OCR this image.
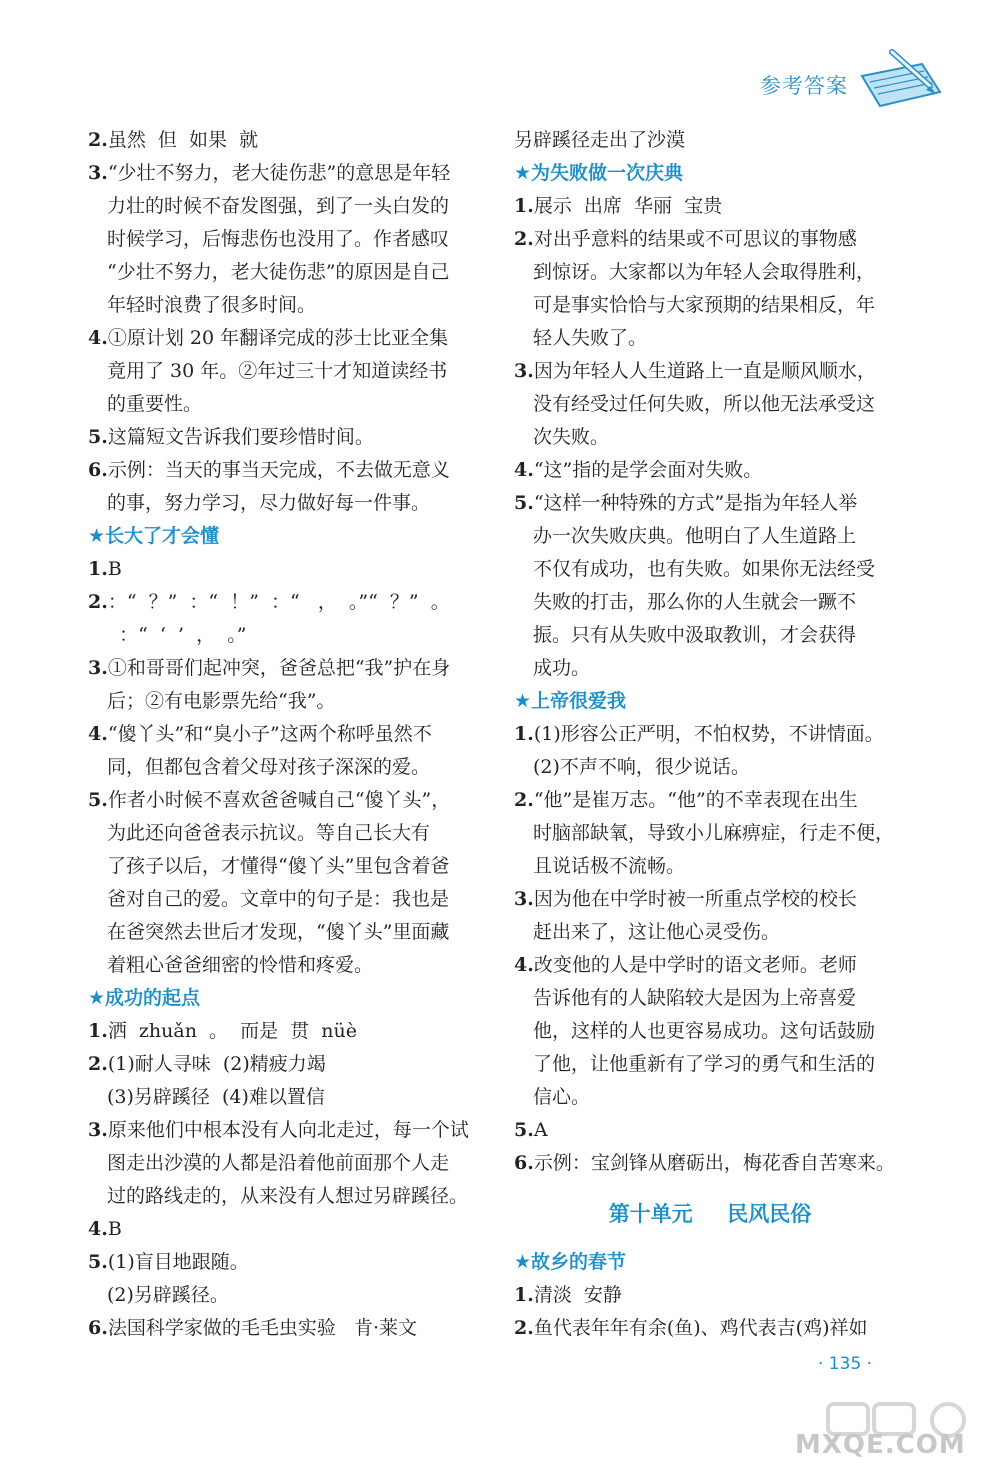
参考答案
2.虽然  但  如果  就
3.“少壮不努力，老大徒伤悲”的意思是年轻
力壮的时候不奋发图强，到了一头白发的
时候学习，后悔悲伤也没用了。作者感叹
“少壮不努力，老大徒伤悲”的原因是自己
年轻时浪费了很多时间。
4.①原计划 20 年翻译完成的莎士比亚全集
竟用了 30 年。②年过三十才知道读经书
的重要性。
5.这篇短文告诉我们要珍惜时间。
6.示例：当天的事当天完成，不去做无意义
的事，努力学习，尽力做好每一件事。
★长大了才会懂
1.B
2.：“  ？”  ：“  ！”  ：“   ，  。”“  ？”  。
：“  ‘  ’  ，  。”
3.①和哥哥们起冲突，爸爸总把“我”护在身
后；②有电影票先给“我”。
4.“傻丫头”和“臭小子”这两个称呼虽然不
同，但都包含着父母对孩子深深的爱。
5.作者小时候不喜欢爸爸喊自己“傻丫头”，
为此还向爸爸表示抗议。等自己长大有
了孩子以后，才懂得“傻丫头”里包含着爸
爸对自己的爱。文章中的句子是：我也是
在爸突然去世后才发现，“傻丫头”里面藏
着粗心爸爸细密的怜惜和疼爱。
★成功的起点
1.洒  zhuǎn  。  而是  贯  nüè
2.(1)耐人寻味  (2)精疲力竭
(3)另辟蹊径  (4)难以置信
3.原来他们中根本没有人向北走过，每一个试
图走出沙漠的人都是沿着他前面那个人走
过的路线走的，从来没有人想过另辟蹊径。
4.B
5.(1)盲目地跟随。
(2)另辟蹊径。
6.法国科学家做的毛毛虫实验   肯·莱文
另辟蹊径走出了沙漠
★为失败做一次庆典
1.展示  出席  华丽  宝贵
2.对出乎意料的结果或不可思议的事物感
到惊讶。大家都以为年轻人会取得胜利，
可是事实恰恰与大家预期的结果相反，年
轻人失败了。
3.因为年轻人人生道路上一直是顺风顺水，
没有经受过任何失败，所以他无法承受这
次失败。
4.“这”指的是学会面对失败。
5.“这样一种特殊的方式”是指为年轻人举
办一次失败庆典。他明白了人生道路上
不仅有成功，也有失败。如果你无法经受
失败的打击，那么你的人生就会一蹶不
振。只有从失败中汲取教训，才会获得
成功。
★上帝很爱我
1.(1)形容公正严明，不怕权势，不讲情面。
(2)不声不响，很少说话。
2.“他”是崔万志。“他”的不幸表现在出生
时脑部缺氧，导致小儿麻痹症，行走不便，
且说话极不流畅。
3.因为他在中学时被一所重点学校的校长
赶出来了，这让他心灵受伤。
4.改变他的人是中学时的语文老师。老师
告诉他有的人缺陷较大是因为上帝喜爱
他，这样的人也更容易成功。这句话鼓励
了他，让他重新有了学习的勇气和生活的
信心。
5.A
6.示例：宝剑锋从磨砺出，梅花香自苦寒来。
第十单元  民风民俗
★故乡的春节
1.清淡  安静
2.鱼代表年年有余(鱼)、鸡代表吉(鸡)祥如
· 135 ·
MXQE.COM
